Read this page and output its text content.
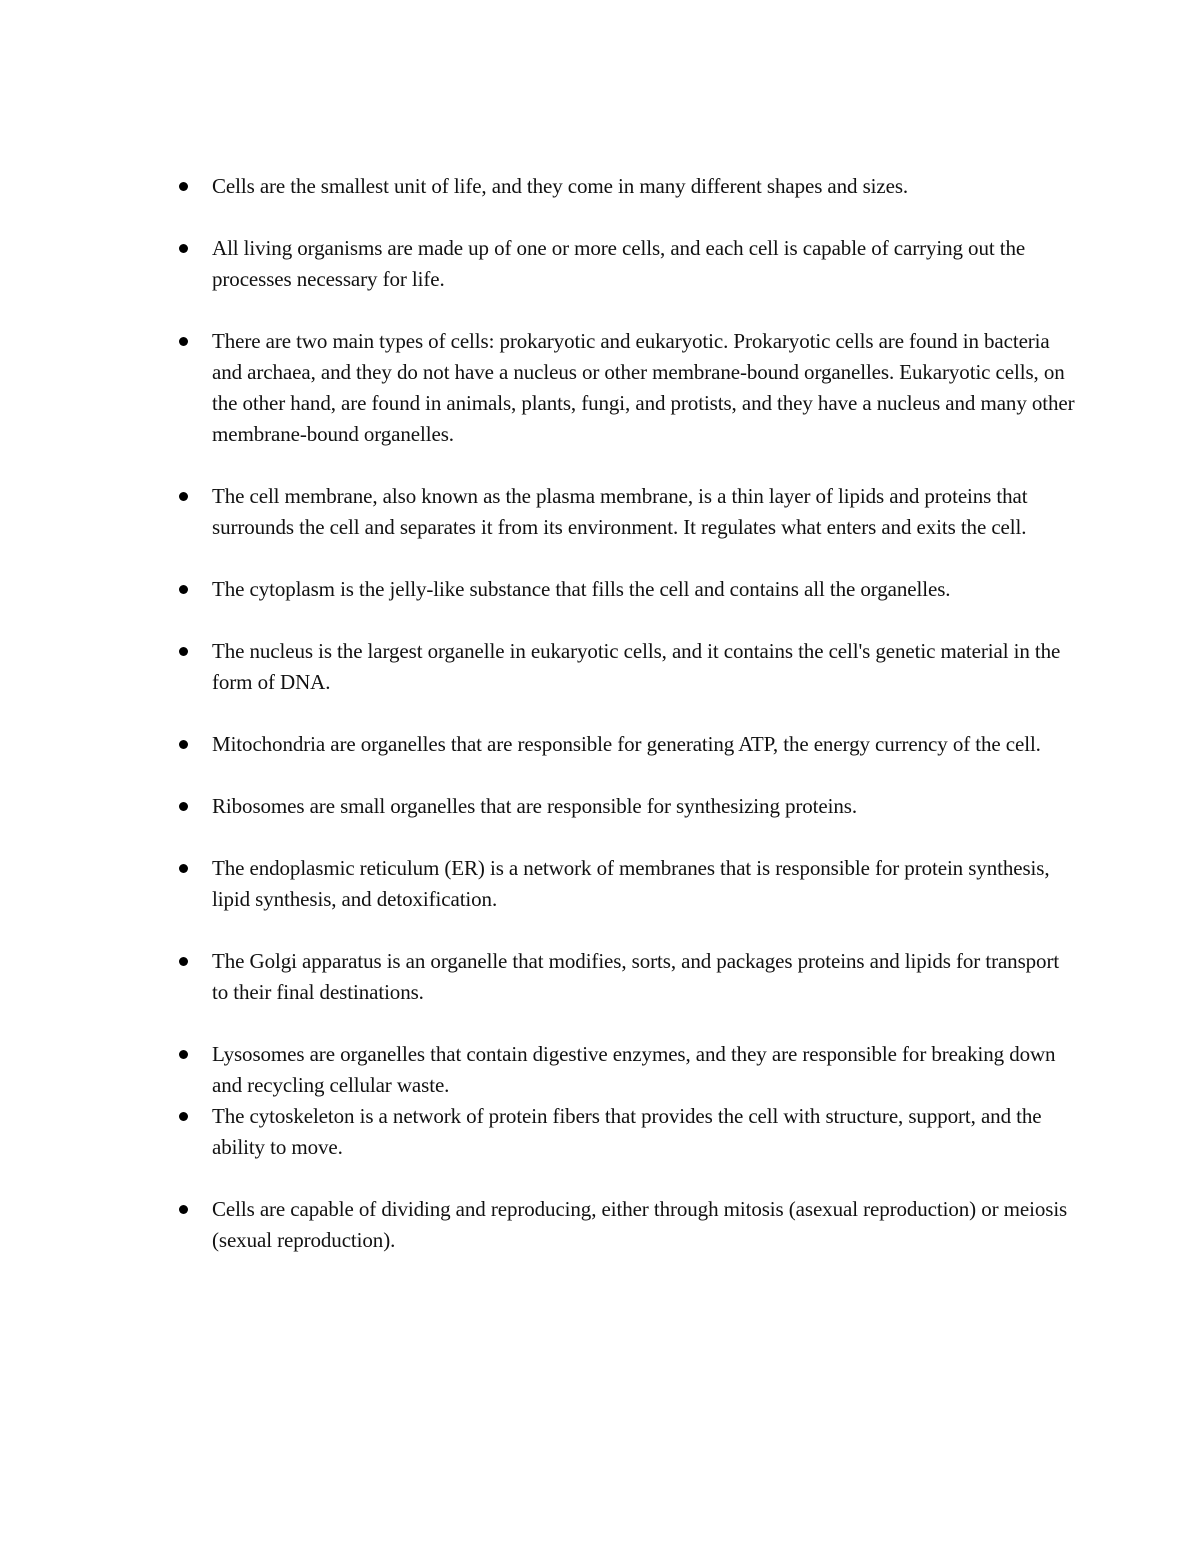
Cells are the smallest unit of life, and they come in many different shapes and sizes.
All living organisms are made up of one or more cells, and each cell is capable of carrying out the processes necessary for life.
There are two main types of cells: prokaryotic and eukaryotic. Prokaryotic cells are found in bacteria and archaea, and they do not have a nucleus or other membrane-bound organelles. Eukaryotic cells, on the other hand, are found in animals, plants, fungi, and protists, and they have a nucleus and many other membrane-bound organelles.
The cell membrane, also known as the plasma membrane, is a thin layer of lipids and proteins that surrounds the cell and separates it from its environment. It regulates what enters and exits the cell.
The cytoplasm is the jelly-like substance that fills the cell and contains all the organelles.
The nucleus is the largest organelle in eukaryotic cells, and it contains the cell's genetic material in the form of DNA.
Mitochondria are organelles that are responsible for generating ATP, the energy currency of the cell.
Ribosomes are small organelles that are responsible for synthesizing proteins.
The endoplasmic reticulum (ER) is a network of membranes that is responsible for protein synthesis, lipid synthesis, and detoxification.
The Golgi apparatus is an organelle that modifies, sorts, and packages proteins and lipids for transport to their final destinations.
Lysosomes are organelles that contain digestive enzymes, and they are responsible for breaking down and recycling cellular waste.
The cytoskeleton is a network of protein fibers that provides the cell with structure, support, and the ability to move.
Cells are capable of dividing and reproducing, either through mitosis (asexual reproduction) or meiosis (sexual reproduction).
